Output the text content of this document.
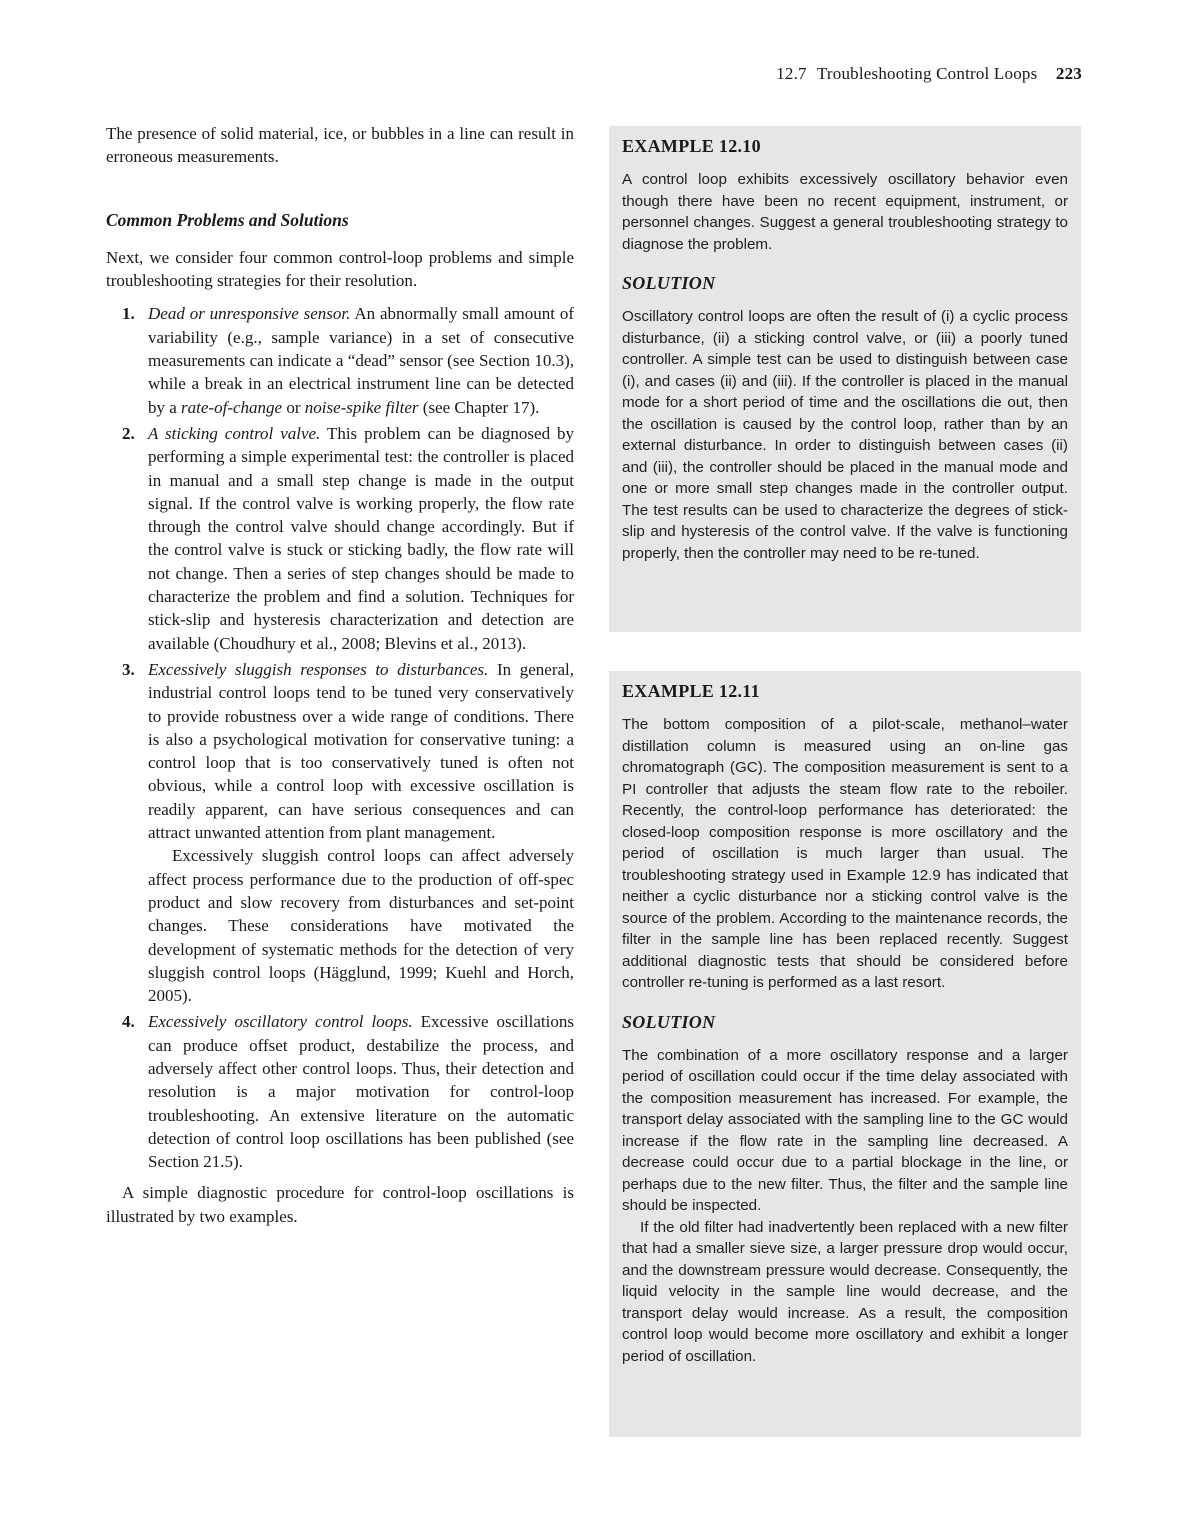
12.7 Troubleshooting Control Loops 223

The presence of solid material, ice, or bubbles in a line can result in erroneous measurements.

Common Problems and Solutions

Next, we consider four common control-loop problems and simple troubleshooting strategies for their resolution.

1. Dead or unresponsive sensor. An abnormally small amount of variability (e.g., sample variance) in a set of consecutive measurements can indicate a “dead” sensor (see Section 10.3), while a break in an electrical instrument line can be detected by a rate-of-change or noise-spike filter (see Chapter 17).

2. A sticking control valve. This problem can be diagnosed by performing a simple experimental test: the controller is placed in manual and a small step change is made in the output signal. If the control valve is working properly, the flow rate through the control valve should change accordingly. But if the control valve is stuck or sticking badly, the flow rate will not change. Then a series of step changes should be made to characterize the problem and find a solution. Techniques for stick-slip and hysteresis characterization and detection are available (Choudhury et al., 2008; Blevins et al., 2013).

3. Excessively sluggish responses to disturbances. In general, industrial control loops tend to be tuned very conservatively to provide robustness over a wide range of conditions. There is also a psychological motivation for conservative tuning: a control loop that is too conservatively tuned is often not obvious, while a control loop with excessive oscillation is readily apparent, can have serious consequences and can attract unwanted attention from plant management.

Excessively sluggish control loops can affect adversely affect process performance due to the production of off-spec product and slow recovery from disturbances and set-point changes. These considerations have motivated the development of systematic methods for the detection of very sluggish control loops (Hägglund, 1999; Kuehl and Horch, 2005).

4. Excessively oscillatory control loops. Excessive oscillations can produce offset product, destabilize the process, and adversely affect other control loops. Thus, their detection and resolution is a major motivation for control-loop troubleshooting. An extensive literature on the automatic detection of control loop oscillations has been published (see Section 21.5).

A simple diagnostic procedure for control-loop oscillations is illustrated by two examples.

EXAMPLE 12.10

A control loop exhibits excessively oscillatory behavior even though there have been no recent equipment, instrument, or personnel changes. Suggest a general troubleshooting strategy to diagnose the problem.

SOLUTION

Oscillatory control loops are often the result of (i) a cyclic process disturbance, (ii) a sticking control valve, or (iii) a poorly tuned controller. A simple test can be used to distinguish between case (i), and cases (ii) and (iii). If the controller is placed in the manual mode for a short period of time and the oscillations die out, then the oscillation is caused by the control loop, rather than by an external disturbance. In order to distinguish between cases (ii) and (iii), the controller should be placed in the manual mode and one or more small step changes made in the controller output. The test results can be used to characterize the degrees of stick-slip and hysteresis of the control valve. If the valve is functioning properly, then the controller may need to be re-tuned.

EXAMPLE 12.11

The bottom composition of a pilot-scale, methanol–water distillation column is measured using an on-line gas chromatograph (GC). The composition measurement is sent to a PI controller that adjusts the steam flow rate to the reboiler. Recently, the control-loop performance has deteriorated: the closed-loop composition response is more oscillatory and the period of oscillation is much larger than usual. The troubleshooting strategy used in Example 12.9 has indicated that neither a cyclic disturbance nor a sticking control valve is the source of the problem. According to the maintenance records, the filter in the sample line has been replaced recently. Suggest additional diagnostic tests that should be considered before controller re-tuning is performed as a last resort.

SOLUTION

The combination of a more oscillatory response and a larger period of oscillation could occur if the time delay associated with the composition measurement has increased. For example, the transport delay associated with the sampling line to the GC would increase if the flow rate in the sampling line decreased. A decrease could occur due to a partial blockage in the line, or perhaps due to the new filter. Thus, the filter and the sample line should be inspected.

If the old filter had inadvertently been replaced with a new filter that had a smaller sieve size, a larger pressure drop would occur, and the downstream pressure would decrease. Consequently, the liquid velocity in the sample line would decrease, and the transport delay would increase. As a result, the composition control loop would become more oscillatory and exhibit a longer period of oscillation.
